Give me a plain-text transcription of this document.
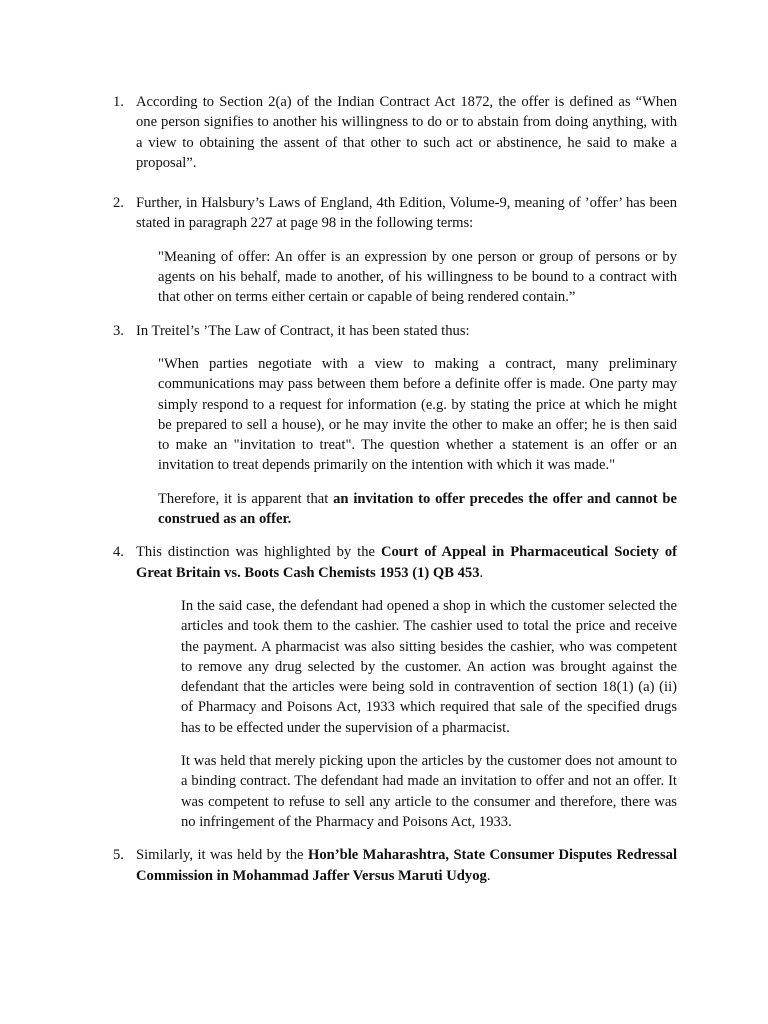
1. According to Section 2(a) of the Indian Contract Act 1872, the offer is defined as “When one person signifies to another his willingness to do or to abstain from doing anything, with a view to obtaining the assent of that other to such act or abstinence, he said to make a proposal”.

2. Further, in Halsbury’s Laws of England, 4th Edition, Volume-9, meaning of ’offer’ has been stated in paragraph 227 at page 98 in the following terms:

"Meaning of offer: An offer is an expression by one person or group of persons or by agents on his behalf, made to another, of his willingness to be bound to a contract with that other on terms either certain or capable of being rendered contain.”

3. In Treitel’s ’The Law of Contract, it has been stated thus:

"When parties negotiate with a view to making a contract, many preliminary communications may pass between them before a definite offer is made. One party may simply respond to a request for information (e.g. by stating the price at which he might be prepared to sell a house), or he may invite the other to make an offer; he is then said to make an "invitation to treat". The question whether a statement is an offer or an invitation to treat depends primarily on the intention with which it was made."

Therefore, it is apparent that an invitation to offer precedes the offer and cannot be construed as an offer.

4. This distinction was highlighted by the Court of Appeal in Pharmaceutical Society of Great Britain vs. Boots Cash Chemists 1953 (1) QB 453.

In the said case, the defendant had opened a shop in which the customer selected the articles and took them to the cashier. The cashier used to total the price and receive the payment. A pharmacist was also sitting besides the cashier, who was competent to remove any drug selected by the customer. An action was brought against the defendant that the articles were being sold in contravention of section 18(1) (a) (ii) of Pharmacy and Poisons Act, 1933 which required that sale of the specified drugs has to be effected under the supervision of a pharmacist.

It was held that merely picking upon the articles by the customer does not amount to a binding contract. The defendant had made an invitation to offer and not an offer. It was competent to refuse to sell any article to the consumer and therefore, there was no infringement of the Pharmacy and Poisons Act, 1933.

5. Similarly, it was held by the Hon’ble Maharashtra, State Consumer Disputes Redressal Commission in Mohammad Jaffer Versus Maruti Udyog.
